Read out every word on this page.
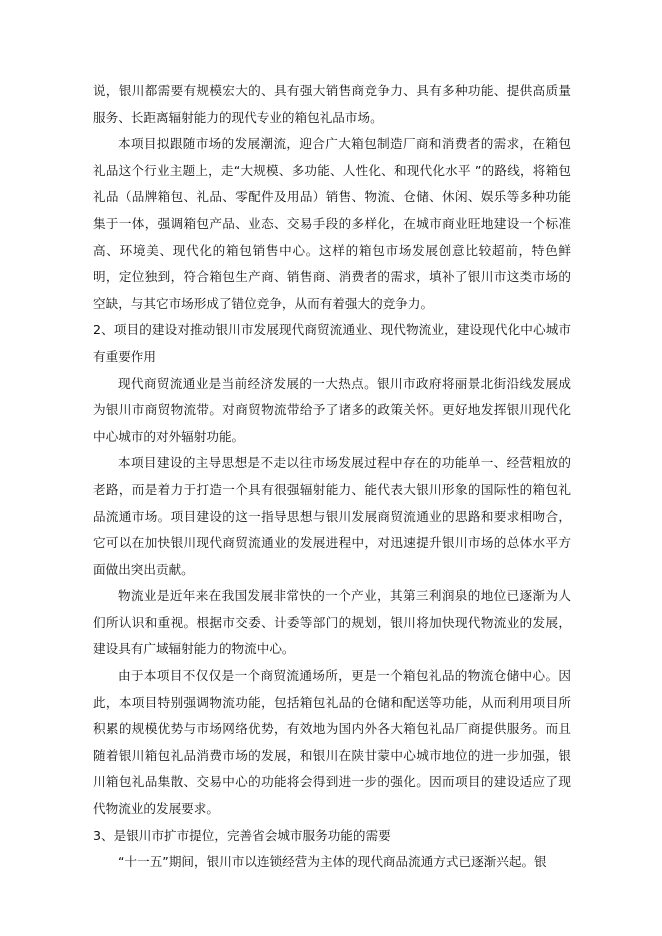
说，银川都需要有规模宏大的、具有强大销售商竞争力、具有多种功能、提供高质量服务、长距离辐射能力的现代专业的箱包礼品市场。

本项目拟跟随市场的发展潮流，迎合广大箱包制造厂商和消费者的需求，在箱包礼品这个行业主题上，走“大规模、多功能、人性化、和现代化水平 ”的路线，将箱包礼品（品牌箱包、礼品、零配件及用品）销售、物流、仓储、休闲、娱乐等多种功能集于一体，强调箱包产品、业态、交易手段的多样化，在城市商业旺地建设一个标准高、环境美、现代化的箱包销售中心。这样的箱包市场发展创意比较超前，特色鲜明，定位独到，符合箱包生产商、销售商、消费者的需求，填补了银川市这类市场的空缺，与其它市场形成了错位竞争，从而有着强大的竞争力。

2、项目的建设对推动银川市发展现代商贸流通业、现代物流业，建设现代化中心城市有重要作用

现代商贸流通业是当前经济发展的一大热点。银川市政府将丽景北街沿线发展成为银川市商贸物流带。对商贸物流带给予了诸多的政策关怀。更好地发挥银川现代化中心城市的对外辐射功能。

本项目建设的主导思想是不走以往市场发展过程中存在的功能单一、经营粗放的老路，而是着力于打造一个具有很强辐射能力、能代表大银川形象的国际性的箱包礼品流通市场。项目建设的这一指导思想与银川发展商贸流通业的思路和要求相吻合，它可以在加快银川现代商贸流通业的发展进程中，对迅速提升银川市场的总体水平方面做出突出贡献。

物流业是近年来在我国发展非常快的一个产业，其第三利润泉的地位已逐渐为人们所认识和重视。根据市交委、计委等部门的规划，银川将加快现代物流业的发展，建设具有广域辐射能力的物流中心。

由于本项目不仅仅是一个商贸流通场所，更是一个箱包礼品的物流仓储中心。因此，本项目特别强调物流功能，包括箱包礼品的仓储和配送等功能，从而利用项目所积累的规模优势与市场网络优势，有效地为国内外各大箱包礼品厂商提供服务。而且随着银川箱包礼品消费市场的发展，和银川在陕甘蒙中心城市地位的进一步加强，银川箱包礼品集散、交易中心的功能将会得到进一步的强化。因而项目的建设适应了现代物流业的发展要求。

3、是银川市扩市提位，完善省会城市服务功能的需要

“十一五”期间，银川市以连锁经营为主体的现代商品流通方式已逐渐兴起。银
